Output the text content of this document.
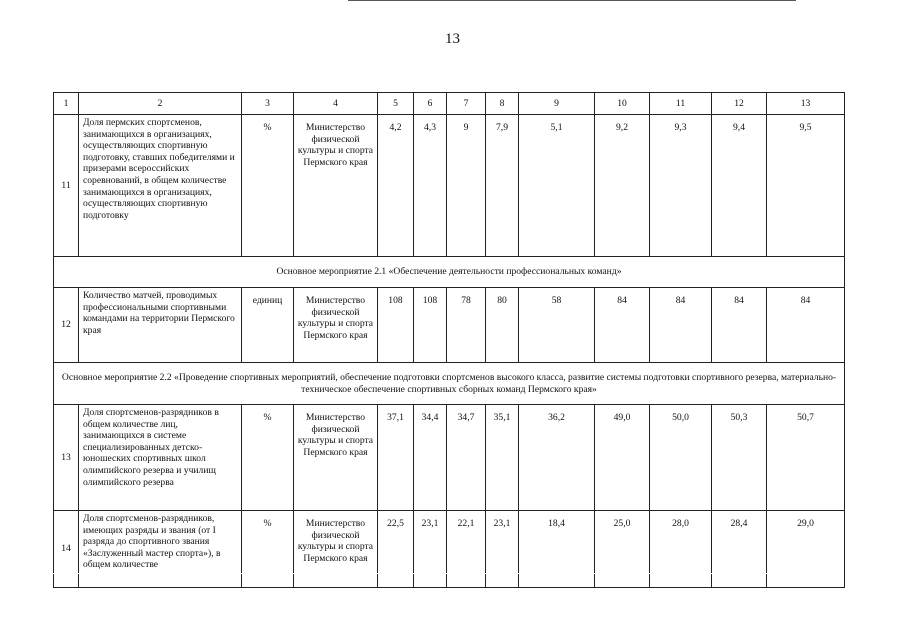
13
1	2	3	4	5	6	7	8	9	10	11	12	13
11	Доля пермских спортсменов, занимающихся в организациях, осуществляющих спортивную подготовку, ставших победителями и призерами всероссийских соревнований, в общем количестве занимающихся в организациях, осуществляющих спортивную подготовку	%	Министерство физической культуры и спорта Пермского края	4,2	4,3	9	7,9	5,1	9,2	9,3	9,4	9,5
Основное мероприятие 2.1 «Обеспечение деятельности профессиональных команд»												
12	Количество матчей, проводимых профессиональными спортивными командами на территории Пермского края	единиц	Министерство физической культуры и спорта Пермского края	108	108	78	80	58	84	84	84	84
Основное мероприятие 2.2 «Проведение спортивных мероприятий, обеспечение подготовки спортсменов высокого класса, развитие системы подготовки спортивного резерва, материально-техническое обеспечение спортивных сборных команд Пермского края»												
13	Доля спортсменов-разрядников в общем количестве лиц, занимающихся в системе специализированных детско-юношеских спортивных школ олимпийского резерва и училищ олимпийского резерва	%	Министерство физической культуры и спорта Пермского края	37,1	34,4	34,7	35,1	36,2	49,0	50,0	50,3	50,7
14	Доля спортсменов-разрядников, имеющих разряды и звания (от I разряда до спортивного звания «Заслуженный мастер спорта»), в общем количестве	%	Министерство физической культуры и спорта Пермского края	22,5	23,1	22,1	23,1	18,4	25,0	28,0	28,4	29,0
